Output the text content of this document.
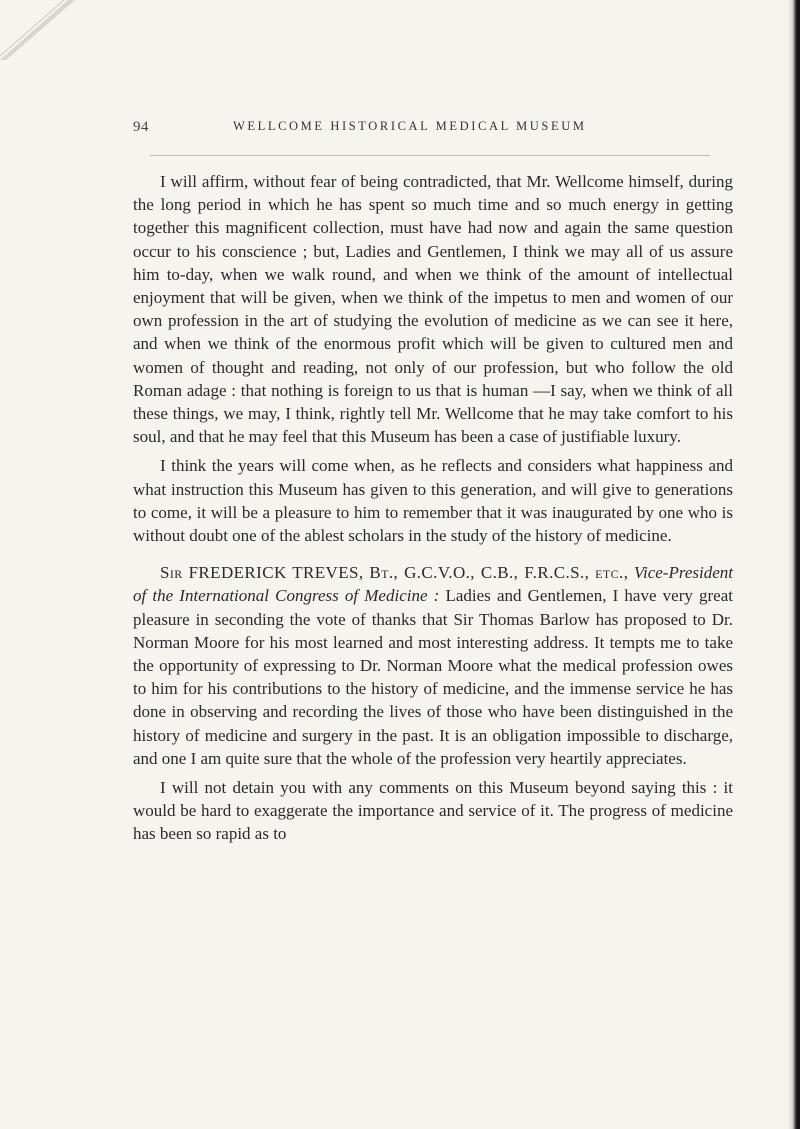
94	WELLCOME HISTORICAL MEDICAL MUSEUM

I will affirm, without fear of being contradicted, that Mr. Wellcome himself, during the long period in which he has spent so much time and so much energy in getting together this magnificent collection, must have had now and again the same question occur to his conscience ; but, Ladies and Gentlemen, I think we may all of us assure him to-day, when we walk round, and when we think of the amount of intellectual enjoyment that will be given, when we think of the impetus to men and women of our own profession in the art of studying the evolution of medicine as we can see it here, and when we think of the enormous profit which will be given to cultured men and women of thought and reading, not only of our profession, but who follow the old Roman adage : that nothing is foreign to us that is human —I say, when we think of all these things, we may, I think, rightly tell Mr. Wellcome that he may take comfort to his soul, and that he may feel that this Museum has been a case of justifiable luxury.

I think the years will come when, as he reflects and considers what happiness and what instruction this Museum has given to this generation, and will give to generations to come, it will be a pleasure to him to remember that it was inaugurated by one who is without doubt one of the ablest scholars in the study of the history of medicine.

Sir FREDERICK TREVES, Bt., G.C.V.O., C.B., F.R.C.S., etc., Vice-President of the International Congress of Medicine : Ladies and Gentlemen, I have very great pleasure in seconding the vote of thanks that Sir Thomas Barlow has proposed to Dr. Norman Moore for his most learned and most interesting address. It tempts me to take the opportunity of expressing to Dr. Norman Moore what the medical profession owes to him for his contributions to the history of medicine, and the immense service he has done in observing and recording the lives of those who have been distinguished in the history of medicine and surgery in the past. It is an obligation impossible to discharge, and one I am quite sure that the whole of the profession very heartily appreciates.

I will not detain you with any comments on this Museum beyond saying this : it would be hard to exaggerate the importance and service of it. The progress of medicine has been so rapid as to
